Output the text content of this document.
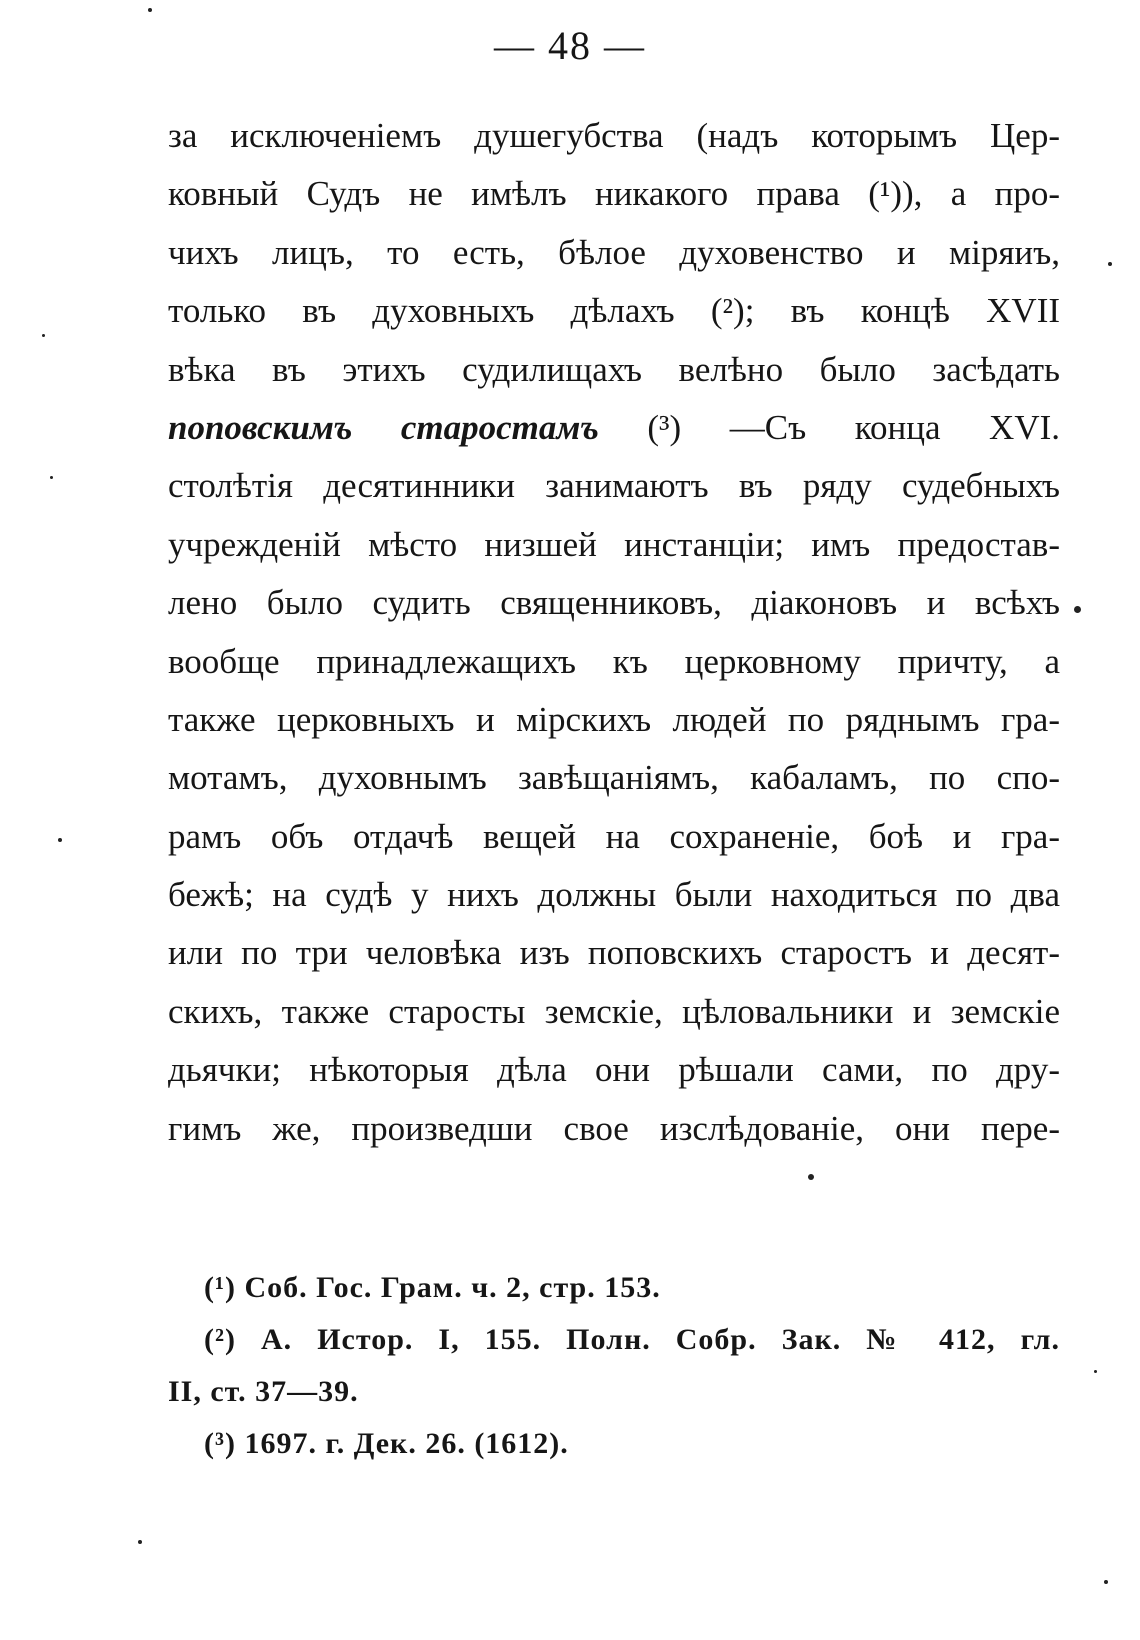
— 48 —
за исключеніемъ душегубства (надъ которымъ Цер-
ковный Судъ не имѣлъ никакого права (¹)), а про-
чихъ лицъ, то есть, бѣлое духовенство и міряиъ,
только въ духовныхъ дѣлахъ (²); въ концѣ XVII
вѣка въ этихъ судилищахъ велѣно было засѣдать
поповскимъ старостамъ (³) —Съ конца XVI.
столѣтія десятинники занимаютъ въ ряду судебныхъ
учрежденій мѣсто низшей инстанціи; имъ предостав-
лено было судить священниковъ, діаконовъ и всѣхъ
вообще принадлежащихъ къ церковному причту, а
также церковныхъ и мірскихъ людей по ряднымъ гра-
мотамъ, духовнымъ завѣщаніямъ, кабаламъ, по спо-
рамъ объ отдачѣ вещей на сохраненіе, боѣ и гра-
бежѣ; на судѣ у нихъ должны были находиться по два
или по три человѣка изъ поповскихъ старостъ и десят-
скихъ, также старосты земскіе, цѣловальники и земскіе
дьячки; нѣкоторыя дѣла они рѣшали сами, по дру-
гимъ же, произведши свое изслѣдованіе, они пере-
(¹) Соб. Гос. Грам. ч. 2, стр. 153.
(²) А. Истор. I, 155. Полн. Собр. Зак. № 412, гл.
II, ст. 37—39.
(³) 1697. г. Дек. 26. (1612).
